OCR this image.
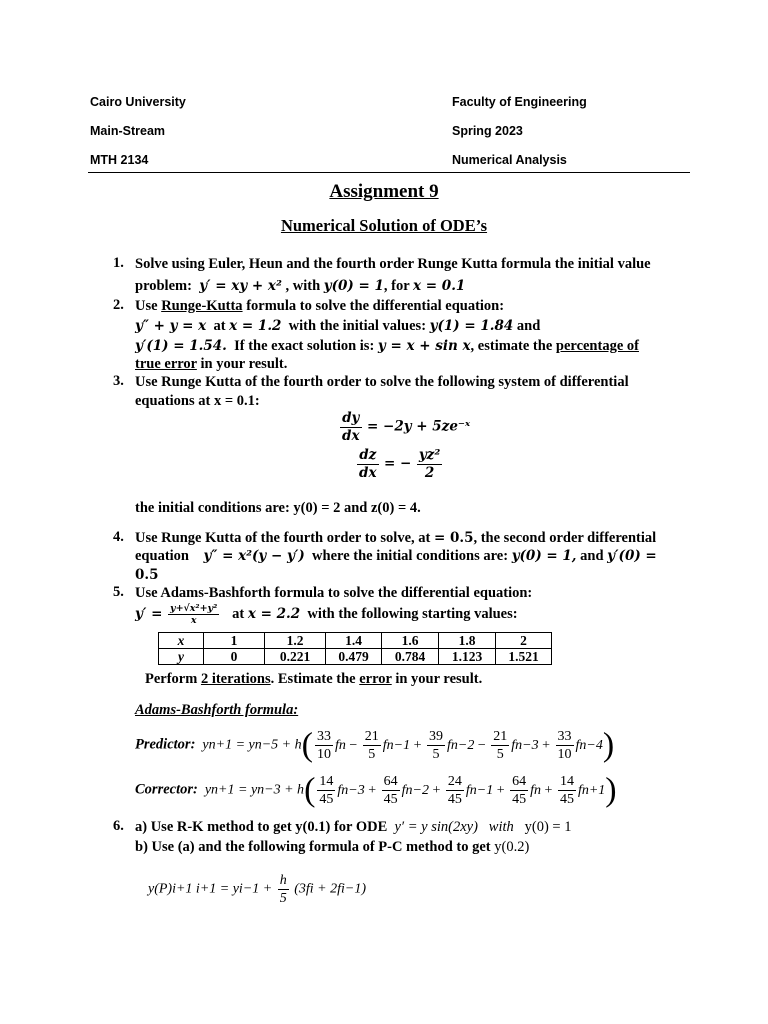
Cairo University
Main-Stream
MTH 2134
Faculty of Engineering
Spring 2023
Numerical Analysis
Assignment 9
Numerical Solution of ODE’s
1. Solve using Euler, Heun and the fourth order Runge Kutta formula the initial value
problem: y′ = xy + x² , with y(0) = 1, for x = 0.1
2. Use Runge-Kutta formula to solve the differential equation:
y″ + y = x at x = 1.2 with the initial values: y(1) = 1.84 and
y′(1) = 1.54. If the exact solution is: y = x + sin x, estimate the percentage of
true error in your result.
3. Use Runge Kutta of the fourth order to solve the following system of differential
equations at x = 0.1:
$\frac{dy}{dx} = -2y$ + 5ze⁻ˣ
$\frac{dz}{dx}$ = − $\frac{\text{yz²}}{2}$
the initial conditions are: y(0) = 2 and z(0) = 4.
4. Use Runge Kutta of the fourth order to solve, at = 0.5, the second order differential
equation y″ = x²(y − y′) where the initial conditions are: y(0) = 1, and y′(0) =
0.5
5. Use Adams-Bashforth formula to solve the differential equation:
$y' = \frac{\text{y+√x²+y²}}{x}$ at x = 2.2 with the following starting values:
x	1	1.2	1.4	1.6	1.8	2
y	0	0.221	0.479	0.784	1.123	1.521
Perform 2 iterations. Estimate the error in your result.
Adams-Bashforth formula:
Predictor: $yn+1 = yn-5 + h( \frac{33}{10}$ fn − $\frac{21}{5} fn-1 + \frac{39}{5} fn-2 - \frac{21}{5} fn-3 + \frac{33}{10} fn-4$)
Corrector: $yn+1 = yn-3 + h( \frac{14}{45} fn-3 + \frac{64}{45} fn-2 + \frac{24}{45} fn-1 + \frac{64}{45}$ fn + $\frac{14}{45} fn+1$)
6. a) Use R-K method to get y(0.1) for ODE y′ = y sin(2xy) with y(0) = 1
b) Use (a) and the following formula of P-C method to get y(0.2)
y(P)i+1 $i+1 = yi-1 + \frac{h}{5} (3fi + 2fi-1)$
